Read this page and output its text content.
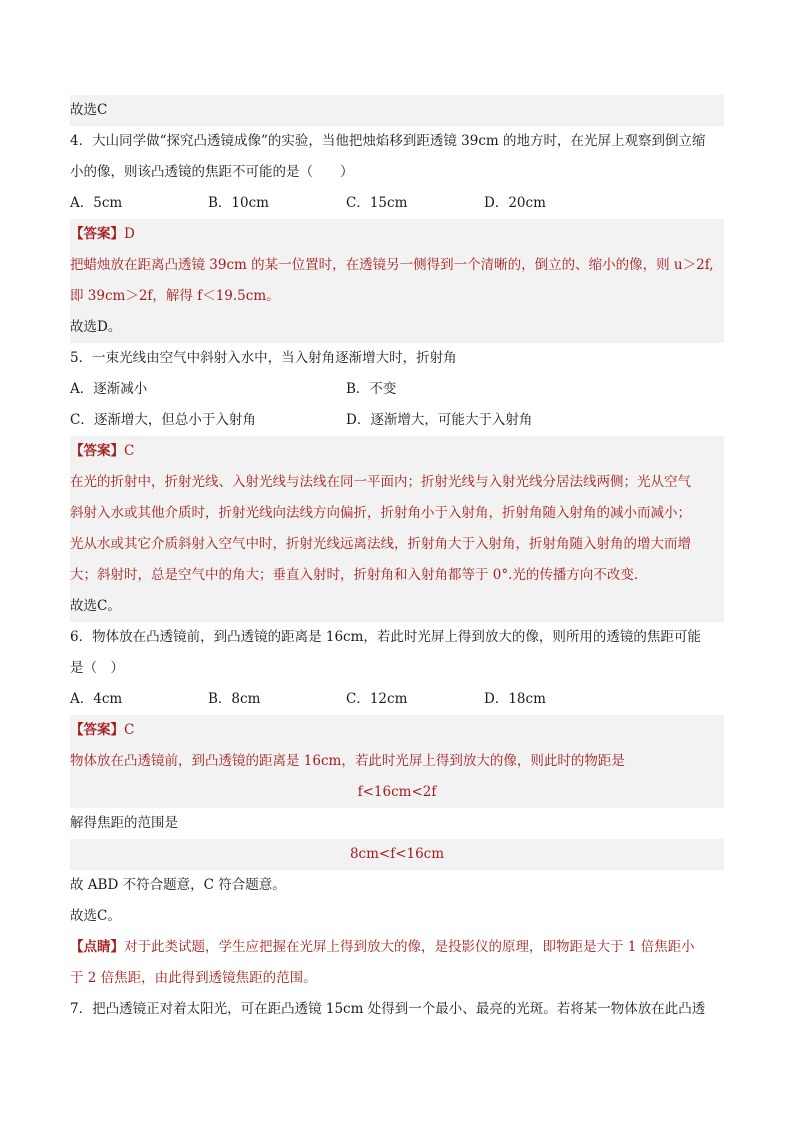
故选C
4．大山同学做“探究凸透镜成像”的实验，当他把烛焰移到距透镜 39cm 的地方时，在光屏上观察到倒立缩
小的像，则该凸透镜的焦距不可能的是（　　）
A．5cm	B．10cm	C．15cm	D．20cm
【答案】D
把蜡烛放在距离凸透镜 39cm 的某一位置时，在透镜另一侧得到一个清晰的，倒立的、缩小的像，则 u＞2f,
即 39cm＞2f，解得 f＜19.5cm。
故选D。
5．一束光线由空气中斜射入水中，当入射角逐渐增大时，折射角
A．逐渐减小	B．不变
C．逐渐增大，但总小于入射角	D．逐渐增大，可能大于入射角
【答案】C
在光的折射中，折射光线、入射光线与法线在同一平面内；折射光线与入射光线分居法线两侧；光从空气
斜射入水或其他介质时，折射光线向法线方向偏折，折射角小于入射角，折射角随入射角的减小而减小；
光从水或其它介质斜射入空气中时，折射光线远离法线，折射角大于入射角，折射角随入射角的增大而增
大；斜射时，总是空气中的角大；垂直入射时，折射角和入射角都等于 0°.光的传播方向不改变．
故选C。
6．物体放在凸透镜前，到凸透镜的距离是 16cm，若此时光屏上得到放大的像，则所用的透镜的焦距可能
是（　）
A．4cm	B．8cm	C．12cm	D．18cm
【答案】C
物体放在凸透镜前，到凸透镜的距离是 16cm，若此时光屏上得到放大的像，则此时的物距是
f<16cm<2f
解得焦距的范围是
8cm<f<16cm
故 ABD 不符合题意，C 符合题意。
故选C。
【点睛】对于此类试题，学生应把握在光屏上得到放大的像，是投影仪的原理，即物距是大于 1 倍焦距小
于 2 倍焦距，由此得到透镜焦距的范围。
7．把凸透镜正对着太阳光，可在距凸透镜 15cm 处得到一个最小、最亮的光斑。若将某一物体放在此凸透
